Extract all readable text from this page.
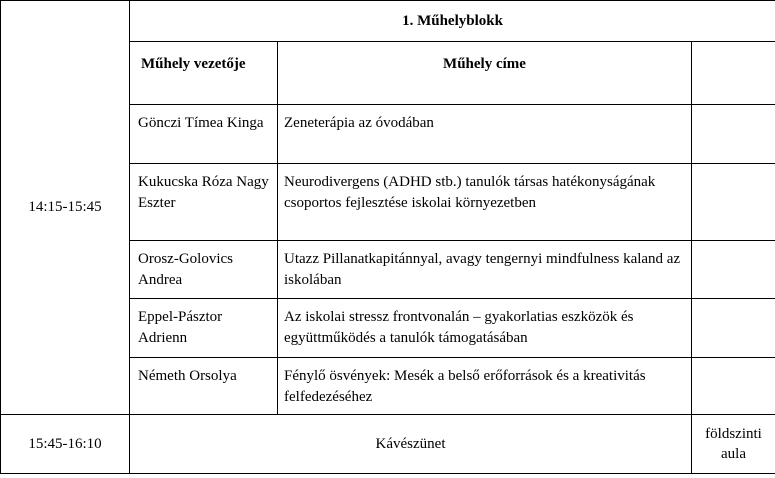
14:15-15:45	1. Műhelyblokk		
	Műhely vezetője	Műhely címe	
	Gönczi Tímea Kinga	Zeneterápia az óvodában	
	Kukucska Róza Nagy Eszter	Neurodivergens (ADHD stb.) tanulók társas hatékonyságának csoportos fejlesztése iskolai környezetben	
	Orosz-Golovics Andrea	Utazz Pillanatkapitánnyal, avagy tengernyi mindfulness kaland az iskolában	
	Eppel-Pásztor Adrienn	Az iskolai stressz frontvonalán – gyakorlatias eszközök és együttműködés a tanulók támogatásában	
	Németh Orsolya	Fénylő ösvények: Mesék a belső erőforrások és a kreativitás felfedezéséhez	
15:45-16:10	Kávészünet		földszinti aula
